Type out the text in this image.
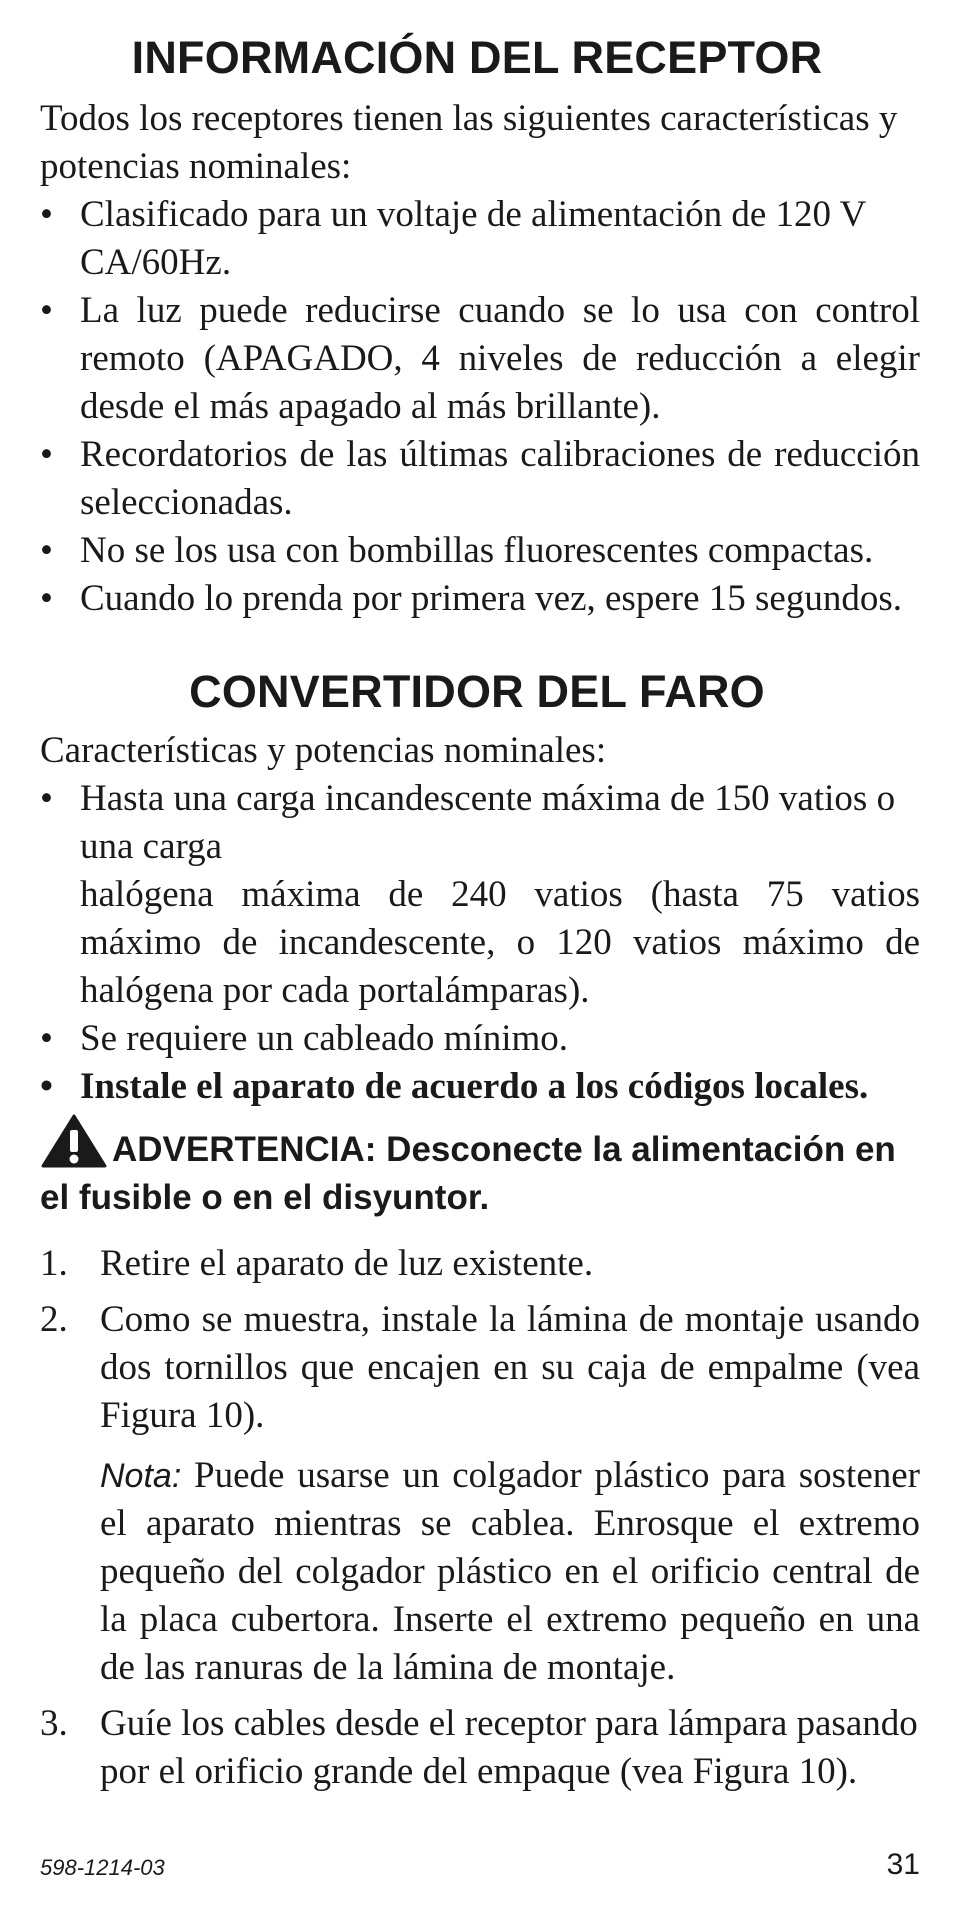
INFORMACIÓN DEL RECEPTOR

Todos los receptores tienen las siguientes características y potencias nominales:

• Clasificado para un voltaje de alimentación de 120 V CA/60Hz.
• La luz puede reducirse cuando se lo usa con control remoto (APAGADO, 4 niveles de reducción a elegir desde el más apagado al más brillante).
• Recordatorios de las últimas calibraciones de reducción seleccionadas.
• No se los usa con bombillas fluorescentes compactas.
• Cuando lo prenda por primera vez, espere 15 segundos.
CONVERTIDOR DEL FARO

Características y potencias nominales:

• Hasta una carga incandescente máxima de 150 vatios o una carga
halógena máxima de 240 vatios (hasta 75 vatios máximo de incandescente, o 120 vatios máximo de halógena por cada portalámparas).
• Se requiere un cableado mínimo.
• Instale el aparato de acuerdo a los códigos locales.
ADVERTENCIA: Desconecte la alimentación en el fusible o en el disyuntor.
1. Retire el aparato de luz existente.
2. Como se muestra, instale la lámina de montaje usando dos tornillos que encajen en su caja de empalme (vea Figura 10).
Nota: Puede usarse un colgador plástico para sostener el aparato mientras se cablea. Enrosque el extremo pequeño del colgador plástico en el orificio central de la placa cubertora. Inserte el extremo pequeño en una de las ranuras de la lámina de montaje.
3. Guíe los cables desde el receptor para lámpara pasando por el orificio grande del empaque (vea Figura 10).
598-1214-03	31
